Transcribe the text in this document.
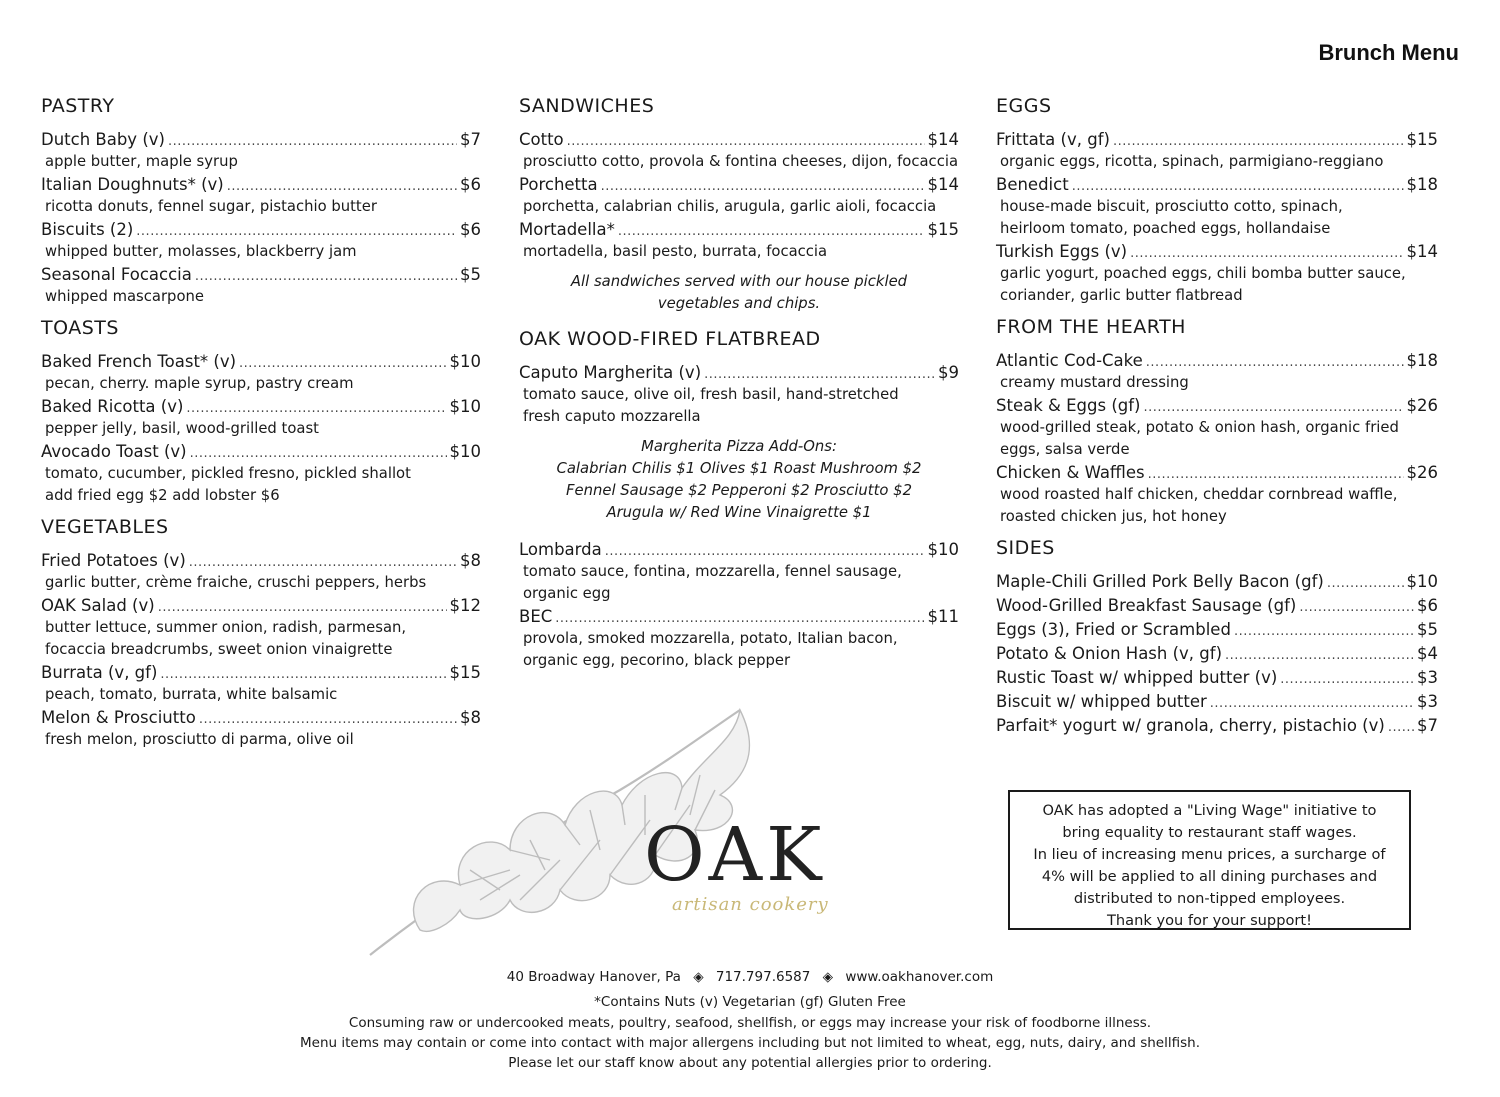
Brunch Menu
PASTRY
Dutch Baby (v) .....	$7
apple butter, maple syrup
Italian Doughnuts* (v) .....	$6
ricotta donuts, fennel sugar, pistachio butter
Biscuits (2) .....	$6
whipped butter, molasses, blackberry jam
Seasonal Focaccia .....	$5
whipped mascarpone
TOASTS
Baked French Toast* (v) .....	$10
pecan, cherry. maple syrup, pastry cream
Baked Ricotta (v) .....	$10
pepper jelly, basil, wood-grilled toast
Avocado Toast (v) .....	$10
tomato, cucumber, pickled fresno, pickled shallot
add fried egg $2 add lobster $6
VEGETABLES
Fried Potatoes (v) .....	$8
garlic butter, crème fraiche, cruschi peppers, herbs
OAK Salad (v) .....	$12
butter lettuce, summer onion, radish, parmesan,
focaccia breadcrumbs, sweet onion vinaigrette
Burrata (v, gf) .....	$15
peach, tomato, burrata, white balsamic
Melon & Prosciutto .....	$8
fresh melon, prosciutto di parma, olive oil
SANDWICHES
Cotto .....	$14
prosciutto cotto, provola & fontina cheeses, dijon, focaccia
Porchetta .....	$14
porchetta, calabrian chilis, arugula, garlic aioli, focaccia
Mortadella* .....	$15
mortadella, basil pesto, burrata, focaccia
All sandwiches served with our house pickled
vegetables and chips.
OAK WOOD-FIRED FLATBREAD
Caputo Margherita (v) .....	$9
tomato sauce, olive oil, fresh basil, hand-stretched
fresh caputo mozzarella
Margherita Pizza Add-Ons:
Calabrian Chilis $1 Olives $1 Roast Mushroom $2
Fennel Sausage $2 Pepperoni $2 Prosciutto $2
Arugula w/ Red Wine Vinaigrette $1
Lombarda .....	$10
tomato sauce, fontina, mozzarella, fennel sausage,
organic egg
BEC .....	$11
provola, smoked mozzarella, potato, Italian bacon,
organic egg, pecorino, black pepper
EGGS
Frittata (v, gf) .....	$15
organic eggs, ricotta, spinach, parmigiano-reggiano
Benedict .....	$18
house-made biscuit, prosciutto cotto, spinach,
heirloom tomato, poached eggs, hollandaise
Turkish Eggs (v) .....	$14
garlic yogurt, poached eggs, chili bomba butter sauce,
coriander, garlic butter flatbread
FROM THE HEARTH
Atlantic Cod-Cake .....	$18
creamy mustard dressing
Steak & Eggs (gf) .....	$26
wood-grilled steak, potato & onion hash, organic fried
eggs, salsa verde
Chicken & Waffles .....	$26
wood roasted half chicken, cheddar cornbread waffle,
roasted chicken jus, hot honey
SIDES
Maple-Chili Grilled Pork Belly Bacon (gf) .....	$10
Wood-Grilled Breakfast Sausage (gf) .....	$6
Eggs (3), Fried or Scrambled .....	$5
Potato & Onion Hash (v, gf) .....	$4
Rustic Toast w/ whipped butter (v) .....	$3
Biscuit w/ whipped butter .....	$3
Parfait* yogurt w/ granola, cherry, pistachio (v) ..... $7
OAK
artisan cookery
OAK has adopted a "Living Wage" initiative to
bring equality to restaurant staff wages.
In lieu of increasing menu prices, a surcharge of
4% will be applied to all dining purchases and
distributed to non-tipped employees.
Thank you for your support!
40 Broadway Hanover, Pa ◈ 717.797.6587 ◈ www.oakhanover.com
*Contains Nuts (v) Vegetarian (gf) Gluten Free
Consuming raw or undercooked meats, poultry, seafood, shellfish, or eggs may increase your risk of foodborne illness.
Menu items may contain or come into contact with major allergens including but not limited to wheat, egg, nuts, dairy, and shellfish.
Please let our staff know about any potential allergies prior to ordering.
